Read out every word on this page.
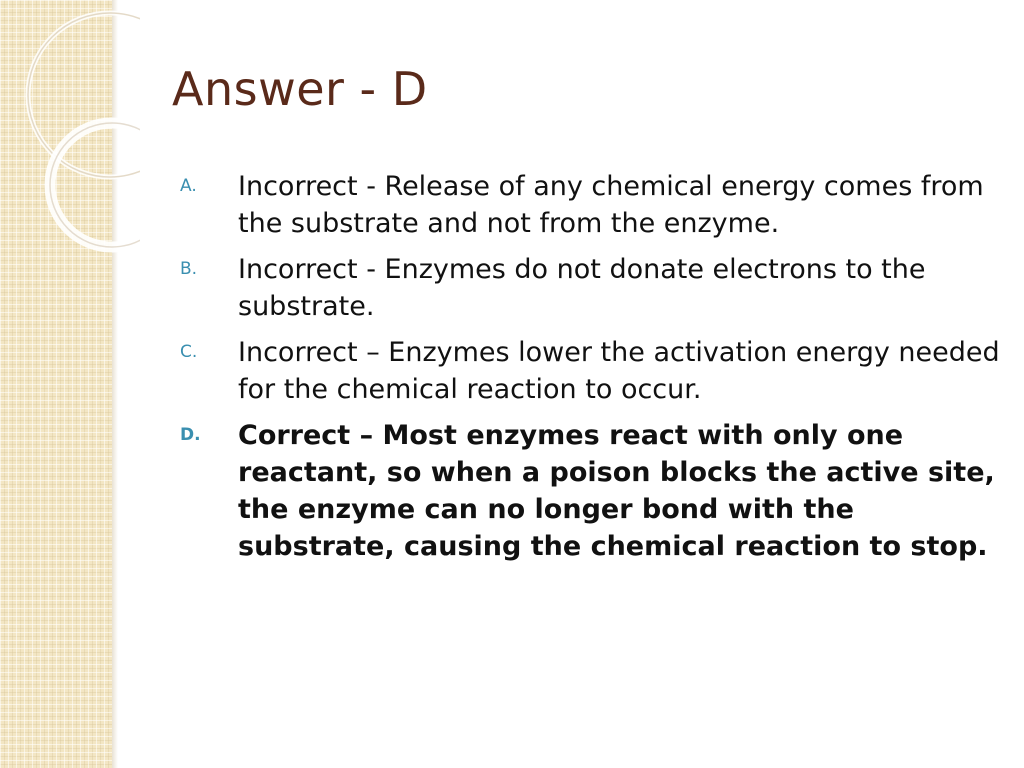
Answer - D
A.	Incorrect - Release of any chemical energy comes from the substrate and not from the enzyme.
B.	Incorrect - Enzymes do not donate electrons to the substrate.
C.	Incorrect – Enzymes lower the activation energy needed for the chemical reaction to occur.
D.	Correct – Most enzymes react with only one reactant, so when a poison blocks the active site, the enzyme can no longer bond with the substrate, causing the chemical reaction to stop.
